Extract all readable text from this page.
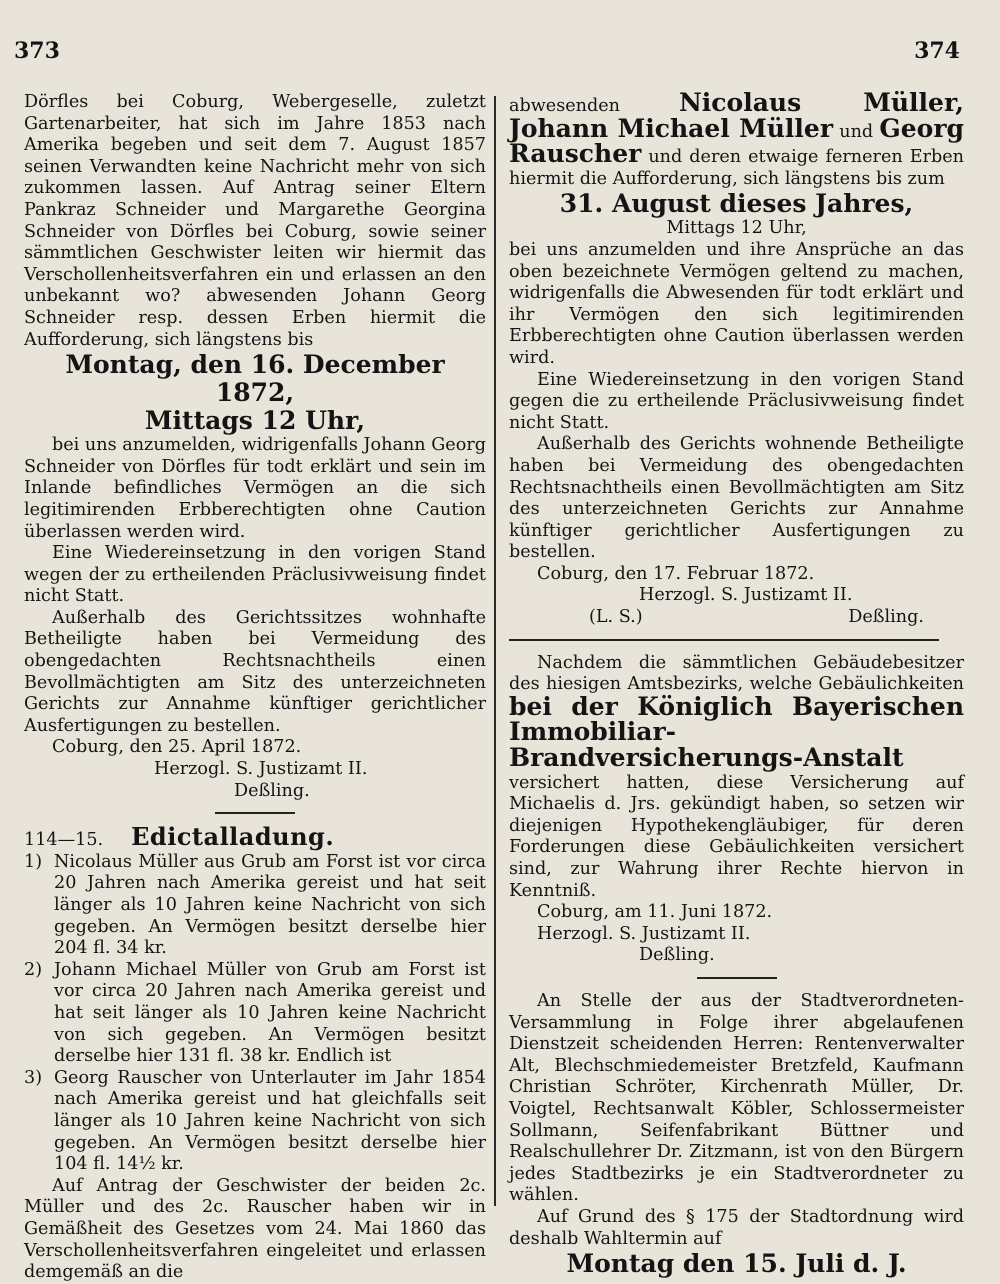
373	374

Dörfles bei Coburg, Webergeselle, zuletzt Gartenarbeiter, hat sich im Jahre 1853 nach Amerika begeben und seit dem 7. August 1857 seinen Verwandten keine Nachricht mehr von sich zukommen lassen. Auf Antrag seiner Eltern Pankraz Schneider und Margarethe Georgina Schneider von Dörfles bei Coburg, sowie seiner sämmtlichen Geschwister leiten wir hiermit das Verschollenheitsverfahren ein und erlassen an den unbekannt wo? abwesenden Johann Georg Schneider resp. dessen Erben hiermit die Aufforderung, sich längstens bis

Montag, den 16. December 1872,

Mittags 12 Uhr,

bei uns anzumelden, widrigenfalls Johann Georg Schneider von Dörfles für todt erklärt und sein im Inlande befindliches Vermögen an die sich legitimirenden Erbberechtigten ohne Caution überlassen werden wird.

Eine Wiedereinsetzung in den vorigen Stand wegen der zu ertheilenden Präclusivweisung findet nicht Statt.

Außerhalb des Gerichtssitzes wohnhafte Betheiligte haben bei Vermeidung des obengedachten Rechtsnachtheils einen Bevollmächtigten am Sitz des unterzeichneten Gerichts zur Annahme künftiger gerichtlicher Ausfertigungen zu bestellen.

Coburg, den 25. April 1872.

Herzogl. S. Justizamt II.

Deßling.

114—15. Edictalladung.

1) Nicolaus Müller aus Grub am Forst ist vor circa 20 Jahren nach Amerika gereist und hat seit länger als 10 Jahren keine Nachricht von sich gegeben. An Vermögen besitzt derselbe hier 204 fl. 34 kr.
2) Johann Michael Müller von Grub am Forst ist vor circa 20 Jahren nach Amerika gereist und hat seit länger als 10 Jahren keine Nachricht von sich gegeben. An Vermögen besitzt derselbe hier 131 fl. 38 kr. Endlich ist
3) Georg Rauscher von Unterlauter im Jahr 1854 nach Amerika gereist und hat gleichfalls seit länger als 10 Jahren keine Nachricht von sich gegeben. An Vermögen besitzt derselbe hier 104 fl. 14½ kr.

Auf Antrag der Geschwister der beiden 2c. Müller und des 2c. Rauscher haben wir in Gemäßheit des Gesetzes vom 24. Mai 1860 das Verschollenheitsverfahren eingeleitet und erlassen demgemäß an die

abwesenden Nicolaus Müller, Johann Michael Müller und Georg Rauscher und deren etwaige ferneren Erben hiermit die Aufforderung, sich längstens bis zum

31. August dieses Jahres,

Mittags 12 Uhr,

bei uns anzumelden und ihre Ansprüche an das oben bezeichnete Vermögen geltend zu machen, widrigenfalls die Abwesenden für todt erklärt und ihr Vermögen den sich legitimirenden Erbberechtigten ohne Caution überlassen werden wird.

Eine Wiedereinsetzung in den vorigen Stand gegen die zu ertheilende Präclusivweisung findet nicht Statt.

Außerhalb des Gerichts wohnende Betheiligte haben bei Vermeidung des obengedachten Rechtsnachtheils einen Bevollmächtigten am Sitz des unterzeichneten Gerichts zur Annahme künftiger gerichtlicher Ausfertigungen zu bestellen.

Coburg, den 17. Februar 1872.

Herzogl. S. Justizamt II.

(L. S.)	Deßling.

Nachdem die sämmtlichen Gebäudebesitzer des hiesigen Amtsbezirks, welche Gebäulichkeiten bei der Königlich Bayerischen Immobiliar-Brandversicherungs-Anstalt versichert hatten, diese Versicherung auf Michaelis d. Jrs. gekündigt haben, so setzen wir diejenigen Hypothekengläubiger, für deren Forderungen diese Gebäulichkeiten versichert sind, zur Wahrung ihrer Rechte hiervon in Kenntniß.

Coburg, am 11. Juni 1872.

Herzogl. S. Justizamt II.

Deßling.

An Stelle der aus der Stadtverordneten-Versammlung in Folge ihrer abgelaufenen Dienstzeit scheidenden Herren: Rentenverwalter Alt, Blechschmiedemeister Bretzfeld, Kaufmann Christian Schröter, Kirchenrath Müller, Dr. Voigtel, Rechtsanwalt Köbler, Schlossermeister Sollmann, Seifenfabrikant Büttner und Realschullehrer Dr. Zitzmann, ist von den Bürgern jedes Stadtbezirks je ein Stadtverordneter zu wählen.

Auf Grund des § 175 der Stadtordnung wird deshalb Wahltermin auf

Montag den 15. Juli d. J.
